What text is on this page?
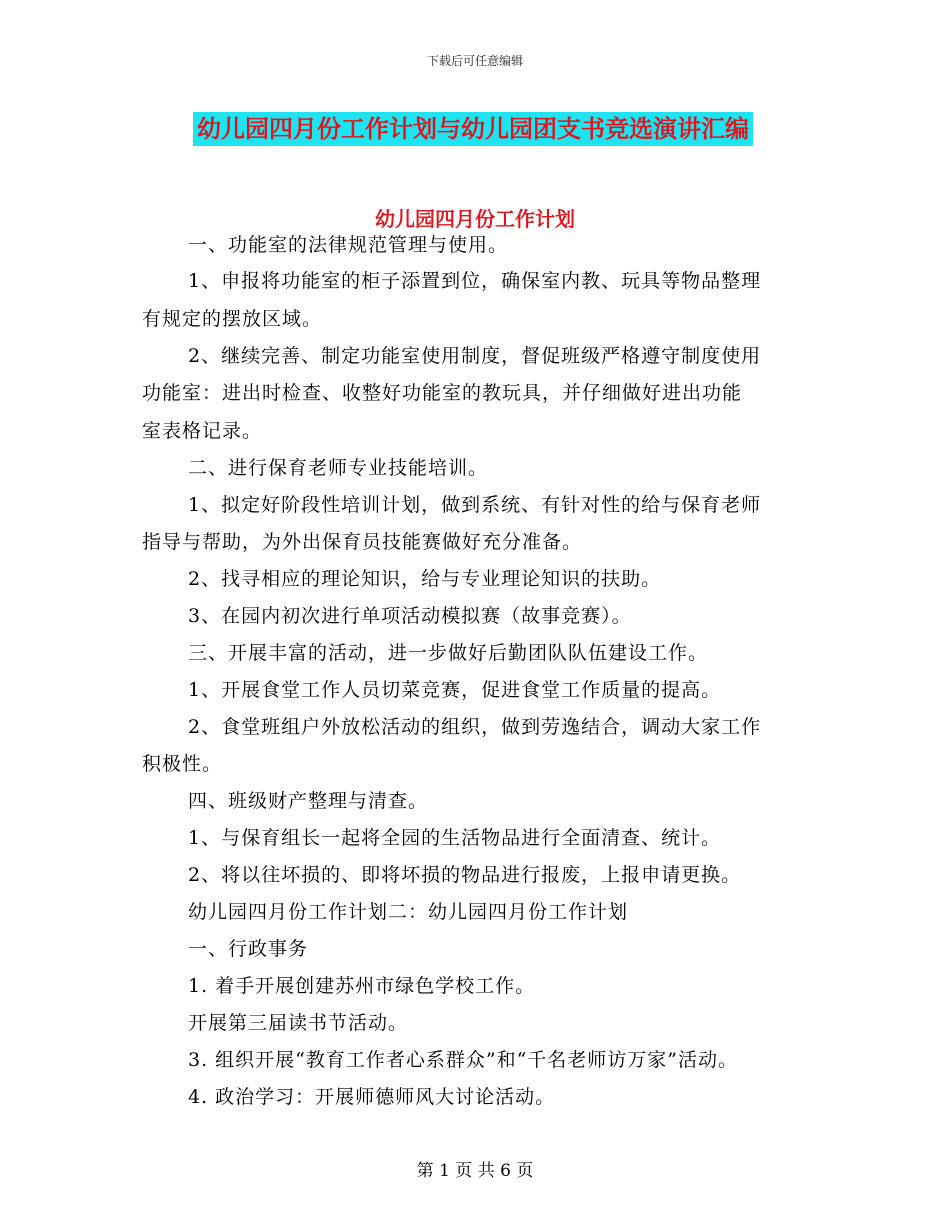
下载后可任意编辑
幼儿园四月份工作计划与幼儿园团支书竞选演讲汇编
幼儿园四月份工作计划
一、功能室的法律规范管理与使用。
1、申报将功能室的柜子添置到位，确保室内教、玩具等物品整理
有规定的摆放区域。
2、继续完善、制定功能室使用制度，督促班级严格遵守制度使用
功能室：进出时检查、收整好功能室的教玩具，并仔细做好进出功能
室表格记录。
二、进行保育老师专业技能培训。
1、拟定好阶段性培训计划，做到系统、有针对性的给与保育老师
指导与帮助，为外出保育员技能赛做好充分准备。
2、找寻相应的理论知识，给与专业理论知识的扶助。
3、在园内初次进行单项活动模拟赛（故事竞赛）。
三、开展丰富的活动，进一步做好后勤团队队伍建设工作。
1、开展食堂工作人员切菜竞赛，促进食堂工作质量的提高。
2、食堂班组户外放松活动的组织，做到劳逸结合，调动大家工作
积极性。
四、班级财产整理与清查。
1、与保育组长一起将全园的生活物品进行全面清查、统计。
2、将以往坏损的、即将坏损的物品进行报废，上报申请更换。
幼儿园四月份工作计划二：幼儿园四月份工作计划
一、行政事务
1. 着手开展创建苏州市绿色学校工作。
开展第三届读书节活动。
3. 组织开展“教育工作者心系群众”和“千名老师访万家”活动。
4. 政治学习：开展师德师风大讨论活动。
第 1 页 共 6 页
